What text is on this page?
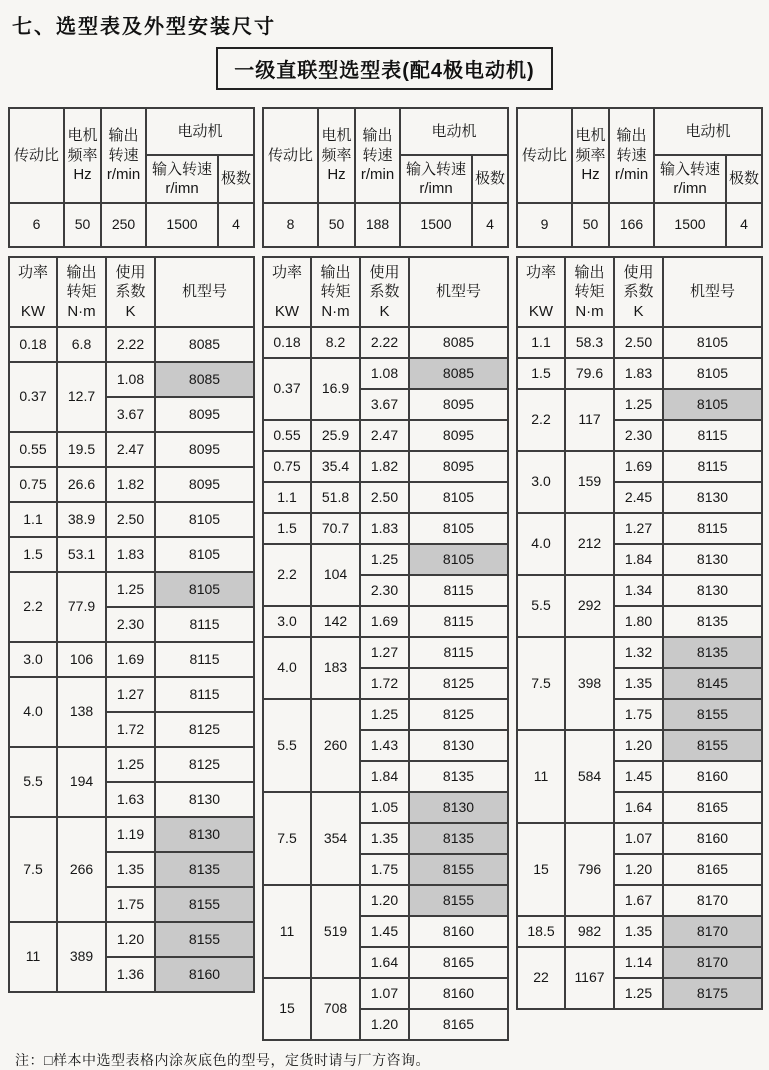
七、选型表及外型安装尺寸
一级直联型选型表(配4极电动机)
传动比	电机
频率
Hz	输出
转速
r/min	电动机	
			输入转速
r/imn	极数
6	50	250	1500	4
功率

KW	输出
转矩
N·m	使用
系数
K	机型号
0.18	6.8	2.22	8085
0.37	12.7	1.08	8085
		3.67	8095
0.55	19.5	2.47	8095
0.75	26.6	1.82	8095
1.1	38.9	2.50	8105
1.5	53.1	1.83	8105
2.2	77.9	1.25	8105
		2.30	8115
3.0	106	1.69	8115
4.0	138	1.27	8115
		1.72	8125
5.5	194	1.25	8125
		1.63	8130
7.5	266	1.19	8130
		1.35	8135
		1.75	8155
11	389	1.20	8155
		1.36	8160
传动比	电机
频率
Hz	输出
转速
r/min	电动机	
			输入转速
r/imn	极数
8	50	188	1500	4
功率

KW	输出
转矩
N·m	使用
系数
K	机型号
0.18	8.2	2.22	8085
0.37	16.9	1.08	8085
		3.67	8095
0.55	25.9	2.47	8095
0.75	35.4	1.82	8095
1.1	51.8	2.50	8105
1.5	70.7	1.83	8105
2.2	104	1.25	8105
		2.30	8115
3.0	142	1.69	8115
4.0	183	1.27	8115
		1.72	8125
5.5	260	1.25	8125
		1.43	8130
		1.84	8135
7.5	354	1.05	8130
		1.35	8135
		1.75	8155
11	519	1.20	8155
		1.45	8160
		1.64	8165
15	708	1.07	8160
		1.20	8165
传动比	电机
频率
Hz	输出
转速
r/min	电动机	
			输入转速
r/imn	极数
9	50	166	1500	4
功率

KW	输出
转矩
N·m	使用
系数
K	机型号
1.1	58.3	2.50	8105
1.5	79.6	1.83	8105
2.2	117	1.25	8105
		2.30	8115
3.0	159	1.69	8115
		2.45	8130
4.0	212	1.27	8115
		1.84	8130
5.5	292	1.34	8130
		1.80	8135
7.5	398	1.32	8135
		1.35	8145
		1.75	8155
11	584	1.20	8155
		1.45	8160
		1.64	8165
15	796	1.07	8160
		1.20	8165
		1.67	8170
18.5	982	1.35	8170
22	1167	1.14	8170
		1.25	8175
注：□样本中选型表格内涂灰底色的型号，定货时请与厂方咨询。
